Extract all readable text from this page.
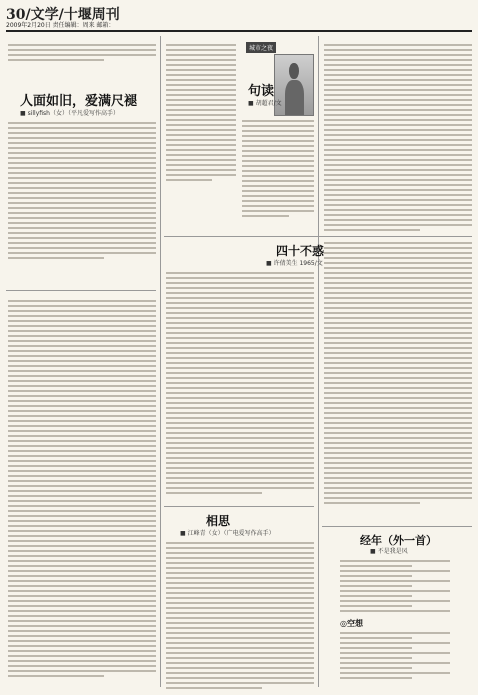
30/文学/十堰周刊
2009年2月20日 责任编辑：周来 邮箱：
人面如旧，爱满尺褪
■ sillyfish（女）（平凡爱写作高手）
城市之夜
句读
■ 胡超君/文
四十不惑
■ 许倩美生 1965/文
相思
■ 江峰青（女）（广电爱写作高手）
经年（外一首）
■ 不是我是风
◎空想
